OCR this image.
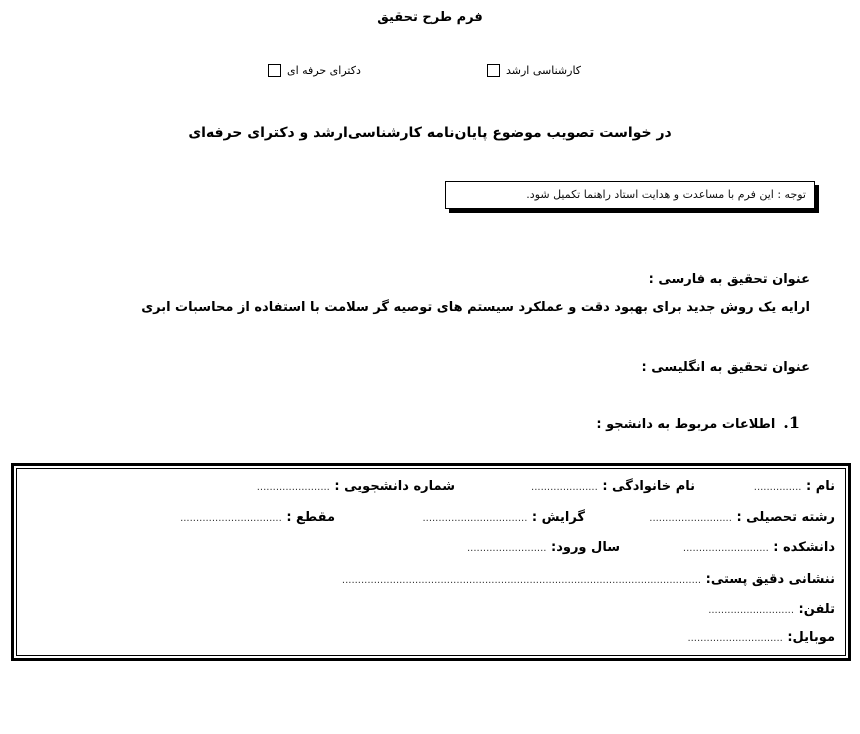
فرم طرح تحقیق
کارشناسی ارشد
دکترای حرفه ای
در خواست تصویب موضوع پایان‌نامه کارشناسی‌ارشد و دکترای حرفه‌ای
توجه : این فرم با مساعدت و هدایت استاد راهنما تکمیل شود.
عنوان تحقیق به فارسی :
ارایه یک روش جدید برای بهبود دقت و عملکرد سیستم های توصیه گر سلامت با استفاده از محاسبات ابری
عنوان تحقیق به انگلیسی :
1.
اطلاعات مربوط به دانشجو :
نام : ...............
نام خانوادگی : .....................
شماره دانشجویی : .......................
رشته تحصیلی : ..........................
گرایش : .................................
مقطع : ................................
دانشکده : ...........................
سال ورود: .........................
ننشانی دقیق پستی: .................................................................................................................
تلفن: ...........................
موبایل: ..............................
